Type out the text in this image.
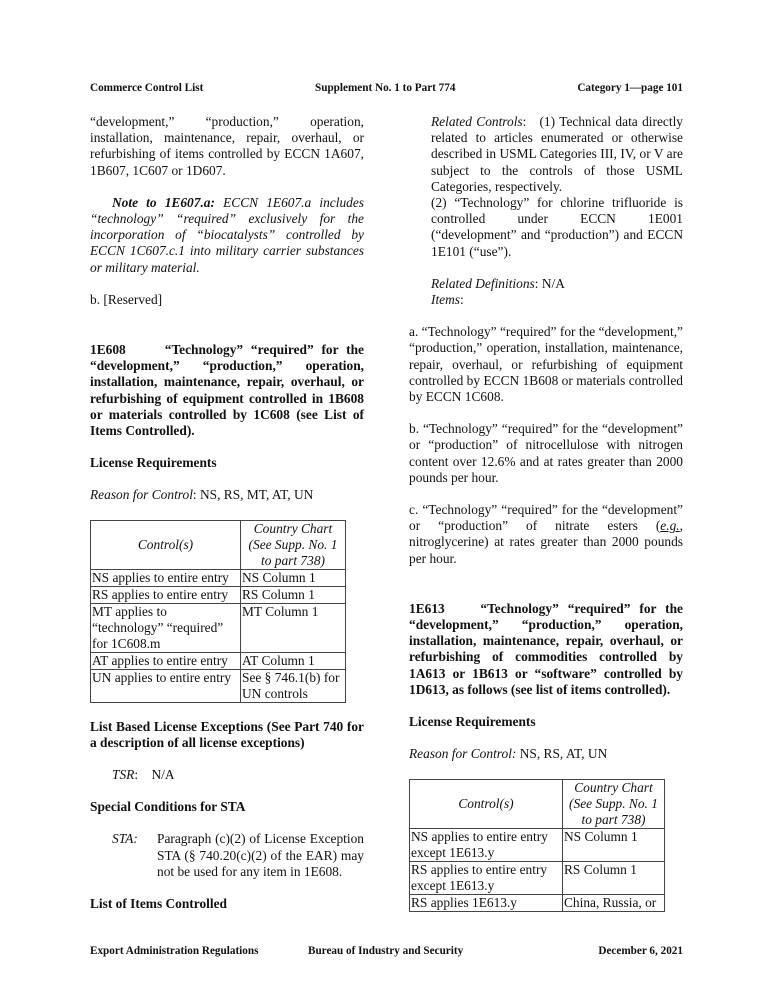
Commerce Control List	Supplement No. 1 to Part 774	Category 1—page 101

“development,” “production,” operation, installation, maintenance, repair, overhaul, or refurbishing of items controlled by ECCN 1A607, 1B607, 1C607 or 1D607.

Note to 1E607.a: ECCN 1E607.a includes “technology” “required” exclusively for the incorporation of “biocatalysts” controlled by ECCN 1C607.c.1 into military carrier substances or military material.

b. [Reserved]

1E608     “Technology” “required” for the “development,” “production,” operation, installation, maintenance, repair, overhaul, or refurbishing of equipment controlled in 1B608 or materials controlled by 1C608 (see List of Items Controlled).

License Requirements

Reason for Control: NS, RS, MT, AT, UN

Control(s)	Country Chart (See Supp. No. 1 to part 738)
NS applies to entire entry	NS Column 1
RS applies to entire entry	RS Column 1
MT applies to “technology” “required” for 1C608.m	MT Column 1
AT applies to entire entry	AT Column 1
UN applies to entire entry	See § 746.1(b) for UN controls

List Based License Exceptions (See Part 740 for a description of all license exceptions)

TSR:    N/A

Special Conditions for STA

STA:	Paragraph (c)(2) of License Exception STA (§ 740.20(c)(2) of the EAR) may not be used for any item in 1E608.

List of Items Controlled

Related Controls:   (1) Technical data directly related to articles enumerated or otherwise described in USML Categories III, IV, or V are subject to the controls of those USML Categories, respectively.

(2) “Technology” for chlorine trifluoride is controlled under ECCN 1E001 (“development” and “production”) and ECCN 1E101 (“use”).

Related Definitions: N/A

Items:

a. “Technology” “required” for the “development,” “production,” operation, installation, maintenance, repair, overhaul, or refurbishing of equipment controlled by ECCN 1B608 or materials controlled by ECCN 1C608.

b. “Technology” “required” for the “development” or “production” of nitrocellulose with nitrogen content over 12.6% and at rates greater than 2000 pounds per hour.

c. “Technology” “required” for the “development” or “production” of nitrate esters (e.g., nitroglycerine) at rates greater than 2000 pounds per hour.

1E613    “Technology” “required” for the “development,” “production,” operation, installation, maintenance, repair, overhaul, or refurbishing of commodities controlled by 1A613 or 1B613 or “software” controlled by 1D613, as follows (see list of items controlled).

License Requirements

Reason for Control: NS, RS, AT, UN

Control(s)	Country Chart (See Supp. No. 1 to part 738)
NS applies to entire entry except 1E613.y	NS Column 1
RS applies to entire entry except 1E613.y	RS Column 1
RS applies 1E613.y	China, Russia, or
Export Administration Regulations	Bureau of Industry and Security	December 6, 2021
